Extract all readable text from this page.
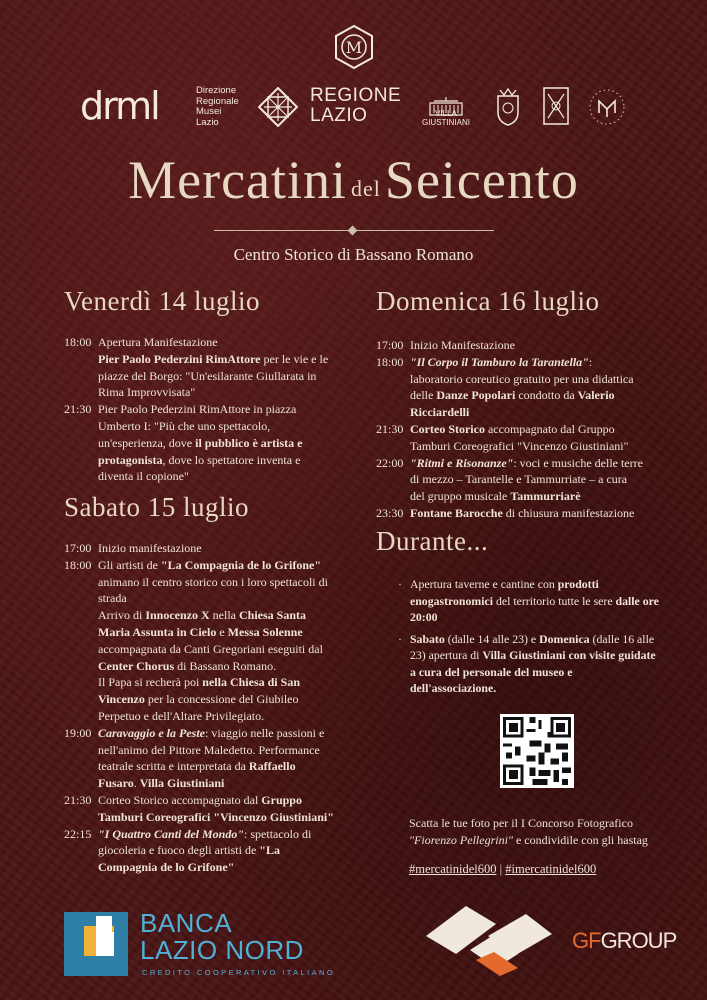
M
drml	Direzione
Regionale
Musei
Lazio
REGIONE
LAZIO	VILLA
GIUSTINIANI
Mercatini delSeicento
Centro Storico di Bassano Romano
Venerdì 14 luglio
18:00 Apertura Manifestazione
Pier Paolo Pederzini RimAttore per le vie e le piazze del Borgo: "Un'esilarante Giullarata in Rima Improvvisata"
21:30 Pier Paolo Pederzini RimAttore in piazza Umberto I: "Più che uno spettacolo, un'esperienza, dove il pubblico è artista e protagonista, dove lo spettatore inventa e diventa il copione"
Sabato 15 luglio
17:00 Inizio manifestazione
18:00 Gli artisti de "La Compagnia de lo Grifone" animano il centro storico con i loro spettacoli di strada
Arrivo di Innocenzo X nella Chiesa Santa Maria Assunta in Cielo e Messa Solenne accompagnata da Canti Gregoriani eseguiti dal Center Chorus di Bassano Romano.
Il Papa si recherà poi nella Chiesa di San Vincenzo per la concessione del Giubileo Perpetuo e dell'Altare Privilegiato.
19:00 Caravaggio e la Peste: viaggio nelle passioni e nell'animo del Pittore Maledetto. Performance teatrale scritta e interpretata da Raffaello Fusaro. Villa Giustiniani
21:30 Corteo Storico accompagnato dal Gruppo Tamburi Coreografici "Vincenzo Giustiniani"
22:15 "I Quattro Canti del Mondo": spettacolo di giocoleria e fuoco degli artisti de "La Compagnia de lo Grifone"
Domenica 16 luglio
17:00 Inizio Manifestazione
18:00 "Il Corpo il Tamburo la Tarantella": laboratorio coreutico gratuito per una didattica delle Danze Popolari condotto da Valerio Ricciardelli
21:30 Corteo Storico accompagnato dal Gruppo Tamburi Coreografici "Vincenzo Giustiniani"
22:00 "Ritmi e Risonanze": voci e musiche delle terre di mezzo – Tarantelle e Tammurriate – a cura del gruppo musicale Tammurriarè
23:30 Fontane Barocche di chiusura manifestazione
Durante...
· Apertura taverne e cantine con prodotti enogastronomici del territorio tutte le sere dalle ore 20:00
· Sabato (dalle 14 alle 23) e Domenica (dalle 16 alle 23) apertura di Villa Giustiniani con visite guidate a cura del personale del museo e dell'associazione.
Scatta le tue foto per il I Concorso Fotografico
"Fiorenzo Pellegrini" e condividile con gli hastag
#mercatinidel600 | #imercatinidel600
BANCA
LAZIO NORD
CREDITO COOPERATIVO ITALIANO
GFGROUP
